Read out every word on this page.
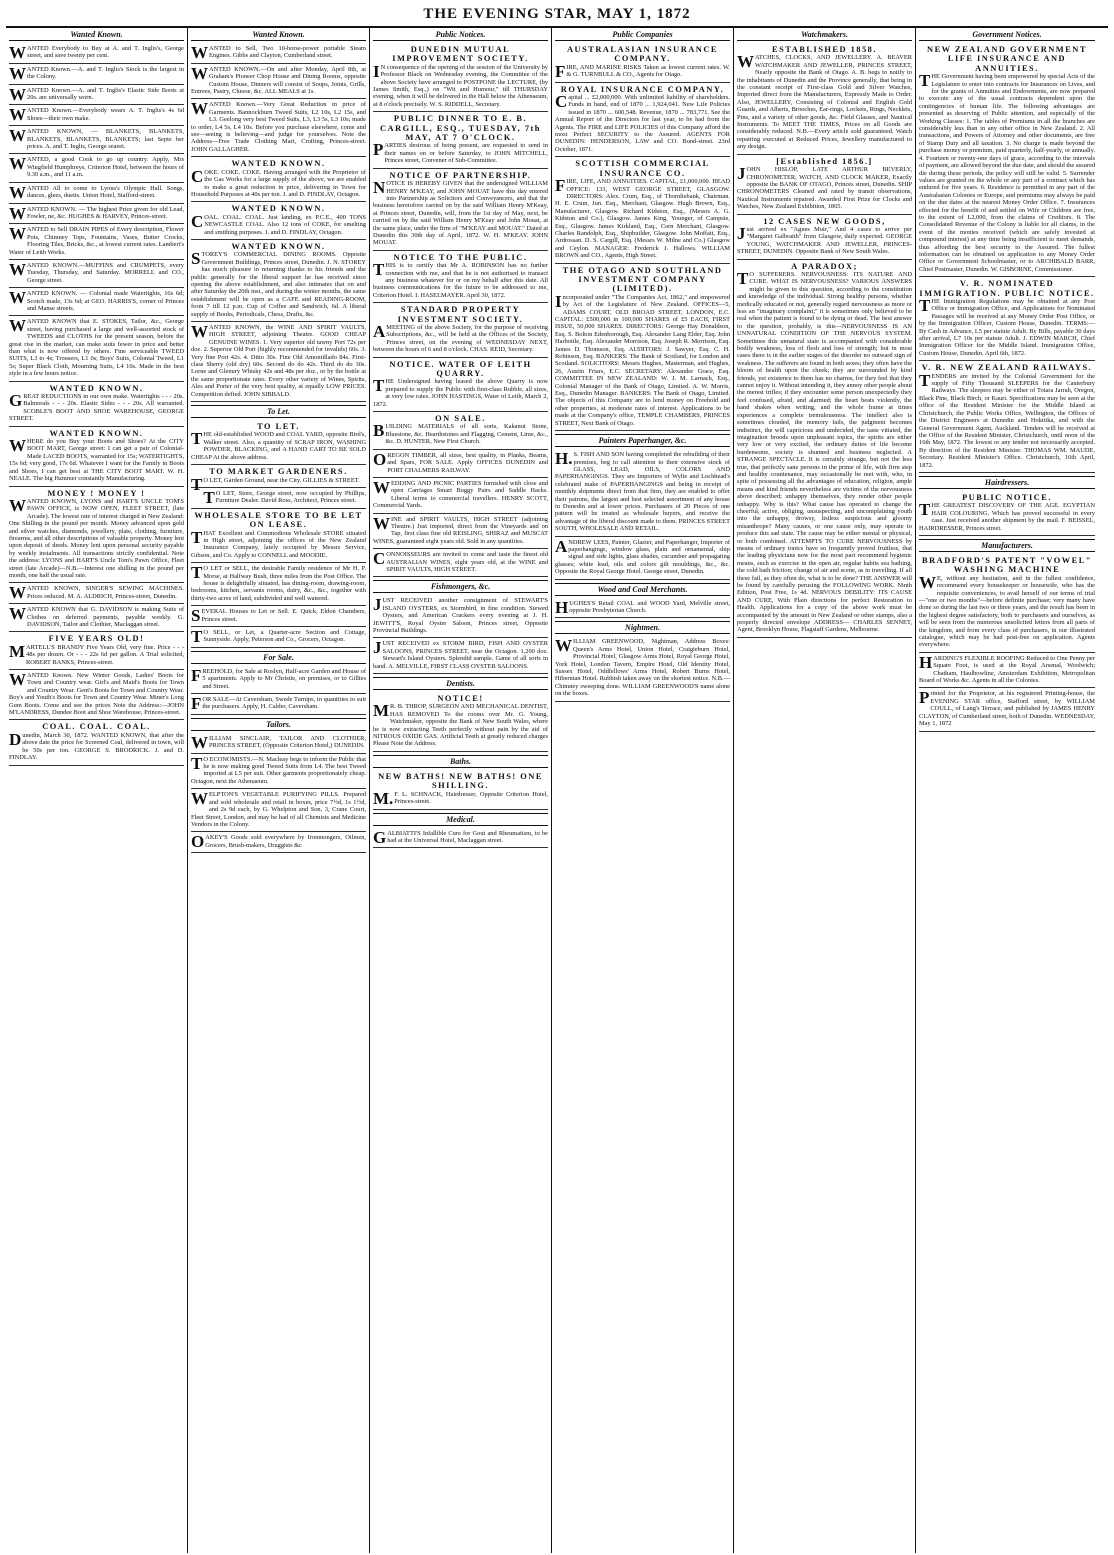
THE EVENING STAR, MAY 1, 1872
Wanted Known.
WANTED Everybody to Buy at A. and T. Inglis's, George street, and save twenty per cent.
WANTED Known.—A. and T. Inglis's Stock is the largest in the Colony.
WANTED Known.—A. and T. Inglis's Elastic Side Boots at 20s. are universally worn.
WANTED Known.—Everybody wears A. T. Inglis's 4s 6d Shoes—their own make.
WANTED KNOWN, — BLANKETS, BLANKETS, BLANKETS, BLANKETS, BLANKETS; last Septe ber prices. A. and T. Inglis, George seaeet.
WANTED, a good Cook to go up country. Apply, Mrs Wingfield Humphreys, Criterion Hotel, between the hours of 9.30 a.m., and 11 a.m.
WANTED All to come to Lyons's Olympic Hall. Songs, dances, glees, duetts. Union Hotel, Stafford-street.
WANTED KNOWN. — The highest Price given for old Lead, Fowler, ne, &c. HUGHES & HARVEY, Princes-street.
WANTED to Sell DRAIN PIPES of Every description, Flower Pots, Chimney Tops, Fountains, Vases, Butter Crocks, Flooring Tiles, Bricks, &c., at lowest current rates. Lambert's Water of Leith Works.
WANTED KNOWN.—MUFFINS and CRUMPETS, every Tuesday, Thursday, and Saturday. MORRELL and CO., George street.
WANTED KNOWN. — Colonial made Watertights, 16s 6d; Scotch made, 13s 6d; at GEO. HARRIS'S, corner of Princes and Manse streets.
WANTED KNOWN that E. STOKES, Tailor, &c., George street, having purchased a large and well-assorted stock of TWEEDS and CLOTHS for the present season, before the great rise in the market, can make suits fewer in price and better than what is now offered by others. Fine serviceable TWEED SUITS, L3 to 4s; Trousers, L1 0s; Boys' Suits, Colonial Tweed, L1 5s; Super Black Cloth, Mourning Suits, L4 10s. Made in the best style in a few hours notice.
WANTED KNOWN.
GREAT REDUCTIONS in our own make. Watertights - - - 20s. Balmorals - - - 20s. Elastic Sides - - - 20s. All warranted. SCOBLE'S BOOT AND SHOE WAREHOUSE, GEORGE STREET.
WANTED KNOWN.
WHERE do you Buy your Boots and Shoes? At the CITY BOOT MART, George street: I can get a pair of Colonial-Made LACED BOOTS, warranted for 15s; WATERTIGHTS, 15s 6d; very good, 17s 6d. Whatever I want for the Family in Boots and Shoes, I can get best at THE CITY BOOT MART. W. H. NEALE. The big Hammer constantly Manufacturing.
MONEY ! MONEY !
WANTED KNOWN, LYONS and HART'S UNCLE TOM'S PAWN OFFICE, is NOW OPEN, FLEET STREET, (late Arcade). The lowest rate of interest charged in New Zealand: One Shilling in the pound per month. Money advanced upon gold and silver watches, diamonds, jewellery, plate, clothing, furniture, firearms, and all other descriptions of valuable property. Money lent upon deposit of deeds. Money lent upon personal security payable by weekly instalments. All transactions strictly confidential. Note the address: LYONS and HART'S Uncle Tom's Pawn Office, Fleet street (late Arcade)—N.B.—Interest one shilling in the pound per month, one half the usual rate.
WANTED KNOWN, SINGER'S SEWING MACHINES. Prices reduced. M. A. ALDRICH, Princes-street, Dunedin.
WANTED KNOWN that G. DAVIDSON is making Suits of Clothes on deferred payments, payable weekly. G. DAVIDSON, Tailor and Clothier, Maclaggan street.
FIVE YEARS OLD!
MARTELL'S BRANDY Five Years Old, very fine. Price - - - 48s per dozen. Or - - - 22s 6d per gallon. A Trial solicited, ROBERT BANKS, Princes-street.
WANTED Known. New Winter Goods, Ladies' Boots for Town and Country wear. Girl's and Maid's Boots for Town and Country Wear. Gent's Boots for Town and Country Wear. Boy's and Youth's Boots for Town and Country Wear. Miner's Long Gum Boots. Come and see the prices Note the Address:—JOHN M'LANDRESS, Dundee Boot and Shoe Warehouse, Princes-street.
COAL. COAL. COAL.
Dunedin, March 30, 1872. WANTED KNOWN, that after the above date the price for Screened Coal, delivered in town, will be 50s per ton. GEORGE S. BRODRICK. J. and D. FINDLAY.
Wanted Known.
WANTED to Sell, Two 10-horse-power portable Steam Engines. Gibbs and Clayton, Cumberland street.
WANTED KNOWN.—On and after Monday, April 8th, at Graham's Pioneer Chop House and Dining Rooms, opposite Custom House, Dinners will consist of Soups, Joints, Grills, Entrees, Pastry, Cheese, &c. ALL MEALS at 1s.
WANTED Known.—Very Great Reduction in price of Garments. Bannockburn Tweed Suits, L2 10s, L2 15s, and L3. Geelong very best Tweed Suits, L3, L3 5s, L3 10s; made to order, L4 5s, L4 10s. Before you purchase elsewhere, come and see—seeing is believing—and judge for yourselves. Note the Address—Free Trade Clothing Mart, Crofting, Princes-street. JOHN GALLAGHER.
WANTED KNOWN.
COKE. COKE. COKE. Having arranged with the Proprietor of the Gas Works for a large supply of the above, we are enabled to make a great reduction in price, delivering in Town for Household Purposes at 40s per ton. J. and D. FINDLAY, Octagon.
WANTED KNOWN.
COAL. COAL. COAL. Just landing, ex P.C.E., 400 TONS NEWCASTLE COAL. Also 12 tons of COKE, for smelting and smithing purposes. J. and D. FINDLAY, Octagon.
WANTED KNOWN.
STOREY'S COMMERCIAL DINING ROOMS. Opposite Government Buildings, Princes street, Dunedin. J. N. STOREY has much pleasure in returning thanks to his friends and the public generally for the liberal support he has received since opening the above establishment, and also intimates that on and after Saturday the 20th inst., and during the winter months, the same establishment will be open as a CAFE and READING-ROOM, from 7 till 12 p.m. Cup of Coffee and Sandwich, 6d. A liberal supply of Books, Periodicals, Chess, Drafts, &c.
WANTED KNOWN, the WINE AND SPIRIT VAULTS, HIGH STREET, adjoining Theatre. GOOD CHEAP GENUINE WINES. 1. Very superior old tawny Port 72s per doz. 2. Superior Old Port (highly recommended for invalids) 60s. 3. Very fine Port 42s. 4. Ditto 30s. Fine Old Amontillado 84s. First-class Sherry (old dry) 60s. Second do do 42s. Third do do 30s. Lorne and Glenury Whisky 42s and 48s per doz., or by the bottle at the same proportionate rates. Every other variety of Wines, Spirits, Ales and Porter of the very best quality, at equally LOW PRICES. Competition defied. JOHN SIBBALD.
To Let.
TO LET.
THE old-established WOOD and COAL YARD, opposite Bird's, Walker street. Also, a quantity of SCRAP IRON, WASHING POWDER, BLACKING, and A HAND CART TO BE SOLD CHEAP At the above address.
TO MARKET GARDENERS.
TO LET, Garden Ground, near the City. GILLIES & STREET.
TO LET, Store, George street, now occupied by Phillips, Furniture Dealer. David Ross, Architect, Princes street.
WHOLESALE STORE TO BE LET ON LEASE.
THAT Excellent and Commodious Wholesale STORE situated in High street, adjoining the offices of the New Zealand Insurance Company, lately occupied by Messrs Service, Gibson, and Co. Apply to CONNELL and MOODIE.
TO LET or SELL, the desirable Family residence of Mr H. P. Morse, at Halfway Bush, three miles from the Post Office. The house is delightfully situated, has dining-room, drawing-room, bedrooms, kitchen, servants rooms, dairy, &c., &c., together with thirty-two acres of land, subdivided and well watered.
SEVERAL Houses to Let or Sell. E. Quick, Eldon Chambers, Princes street.
TO SELL, or Let, a Quarter-acre Section and Cottage, Sunnyside. Apply, Peterson and Co., Grocers, Octagon.
For Sale.
FREEHOLD, for Sale at Roslyn, Half-acre Garden and House of 5 apartments. Apply to Mr Christie, on premises, or to Gillies and Street.
FOR SALE—At Caversham, Swede Turnips, in quantities to suit the purchasers. Apply, H. Calder, Caversham.
Tailors.
WILLIAM SINCLAIR, TAILOR AND CLOTHIER, PRINCES STREET, (Opposite Criterion Hotel,) DUNEDIN.
TO ECONOMISTS.—N. Macleay begs to inform the Public that he is now making good Tweed Suits from L4. The best Tweed imported at L5 per suit. Other garments proportionately cheap. Octagon, next the Athenaeum.
WELPTON'S VEGETABLE PURIFYING PILLS. Prepared and sold wholesale and retail in boxes, price 7½d, 1s 1½d, and 2s 9d each, by G. Whelpton and Son, 3, Crane Court, Fleet Street, London, and may be had of all Chemists and Medicine Vendors in the Colony.
OAKEY'S Goods sold everywhere by Ironmongers, Oilmen, Grocers, Brush-makers, Druggists &c
Public Notices.
DUNEDIN MUTUAL IMPROVEMENT SOCIETY.
IN consequence of the opening of the session of the University by Professor Black on Wednesday evening, the Committee of the above Society have arranged to POSTPONE the LECTURE, (by James Smith, Esq.,) on "Wit and Humour," till THURSDAY evening, when it will be delivered in the Hall below the Athenaeum, at 8 o'clock precisely. W. S. RIDDELL, Secretary.
PUBLIC DINNER TO E. B. CARGILL, ESQ., TUESDAY, 7th MAY, AT 7 O'CLOCK.
PARTIES desirous of being present, are requested to send in their names on or before Saturday, to JOHN MITCHELL, Princes street, Convener of Sub-Committee.
NOTICE OF PARTNERSHIP.
NOTICE IS HEREBY GIVEN that the undersigned WILLIAM HENRY M'KEAY, and JOHN MOUAT have this day entered into Partnership as Solicitors and Conveyancers, and that the business heretofore carried on by the said William Henry M'Keay, at Princes street, Dunedin, will, from the 1st day of May, next, be carried on by the said William Henry M'Keay and John Mouat, at the same place, under the firm of "M'KEAY and MOUAT." Dated at Dunedin this 30th day of April, 1872. W. H. M'KEAY. JOHN MOUAT.
NOTICE TO THE PUBLIC.
THIS is to certify that Mr A. ROBINSON has no further connection with me, and that he is not authorised to transact any business whatever for or on my behalf after this date. All business communications for the future to be addressed to me, Criterion Hotel. I. HASELMAYER. April 30, 1872.
STANDARD PROPERTY INVESTMENT SOCIETY.
AMEETING of the above Society, for the purpose of receiving Subscriptions, &c., will be held at the Offices of the Society, Princes street, on the evening of WEDNESDAY NEXT, between the hours of 6 and 8 o'clock. CHAS. REID, Secretary.
NOTICE. WATER OF LEITH QUARRY.
THE Undersigned having leased the above Quarry is now prepared to supply the Public with first-class Rubble, all sizes, at very low rates. JOHN HASTINGS, Water of Leith, March 2, 1872.
ON SALE.
BUILDING MATERIALS of all sorts, Kakanui Stone, Bluestone, &c. Hearthstones and Flagging, Cement, Lime, &c., &c. D. HUNTER, New First Church.
OREGON TIMBER, all sizes, best quality, in Planks, Beams, and Spars, FOR SALE. Apply OFFICES DUNEDIN and PORT CHALMERS RAILWAY.
WEDDING AND PICNIC PARTIES furnished with close and open Carriages Smart Buggy Pairs and Saddle Hacks. Liberal terms to commercial travellers. HENRY SCOTT, Commercial Yards.
WINE and SPIRIT VAULTS, HIGH STREET (adjoining Theatre.) Just imported, direct from the Vineyards and on Tap, first class fine old REISLING, SHIRAZ and MUSCAT WINES, guaranteed eight years old. Sold in any quantities.
CONNOISSEURS are invited to come and taste the finest old AUSTRALIAN WINES, eight years old, at the WINE and SPIRIT VAULTS, HIGH STREET.
Fishmongers, &c.
JUST RECEIVED another consignment of STEWART'S ISLAND OYSTERS, ex Stormbird, in fine condition. Stewed Oysters, and American Crackers every evening at J. H. JEWITT'S, Royal Oyster Saloon, Princes street, Opposite Provincial Buildings.
JUST RECEIVED ex STORM BIRD, FISH AND OYSTER SALOONS, PRINCES STREET, near the Octagon. 1,200 doz. Stewart's Island Oysters. Splendid sample. Game of all sorts in hand. A. MELVILLE, FIRST CLASS OYSTER SALOONS.
Dentists.
NOTICE!
MR. B. THROP, SURGEON AND MECHANICAL DENTIST, HAS REMOVED To the rooms over Mr. G. Young, Watchmaker, opposite the Bank of New South Wales, where he is now extracting Teeth perfectly without pain by the aid of NITROUS OXIDE GAS. Artificial Teeth at greatly reduced charges Please Note the Address.
Baths.
NEW BATHS! NEW BATHS! ONE SHILLING.
M.F. L. SCHNACK, Hairdresser, Opposite Criterion Hotel, Princes-street.
Medical.
GALBIATTI'S Infallible Cure for Gout and Rheumatism, to be had at the Universal Hotel, Maclaggan street.
Public Companies
AUSTRALASIAN INSURANCE COMPANY.
FIRE, AND MARINE RISKS Taken as lowest current rates. W. & G. TURNBULL & CO., Agents for Otago.
ROYAL INSURANCE COMPANY.
Capital ... £2,000,000. With unlimited liability of shareholders. Funds in hand, end of 1870 ... 1,924,041. New Life Policies issued in 1870 ... 600,548. Revenue, 1870 ... 783,771. See the Annual Report of the Directors for last year, to be had from the Agents. The FIRE and LIFE POLICIES of this Company afford the most Perfect SECURITY to the Assured. AGENTS FOR DUNEDIN: HENDERSON, LAW and CO. Bond-street. 23rd October, 1871.
SCOTTISH COMMERCIAL INSURANCE CO.
FIRE, LIFE, AND ANNUITIES. CAPITAL, £1,000,000. HEAD OFFICE: 133, WEST GEORGE STREET, GLASGOW. DIRECTORS: Alex. Crum, Esq., of Thornliebank, Chairman. H. E. Crum, Jun. Esq., Merchant, Glasgow. Hugh Brown, Esq., Manufacturer, Glasgow. Richard Kidston, Esq., (Messrs A. G. Kidston and Co.), Glasgow. James King, Younger, of Campsie, Esq., Glasgow. James Kirkland, Esq., Corn Merchant, Glasgow. Charles Randolph, Esq., Shipbuilder, Glasgow. John Moffatt, Esq., Ardrossan. D. S. Cargill, Esq. (Messrs W. Milne and Co.) Glasgow and Ceylon. MANAGER: Frederick J. Hallows. WILLIAM BROWN and CO., Agents, High Street.
THE OTAGO AND SOUTHLAND INVESTMENT COMPANY (LIMITED).
Incorporated under "The Companies Act, 1862," and empowered by Act of the Legislature of New Zealand. OFFICES—5, ADAMS COURT, OLD BROAD STREET, LONDON, E.C. CAPITAL: £500,000 in 100,000 SHARES of £5 EACH, FIRST ISSUE, 50,000 SHARES. DIRECTORS: George Hay Donaldson, Esq. S. Bolton Edenborough, Esq. Alexander Lang Elder, Esq. John Harbottle, Esq. Alexander Morrison, Esq. Joseph R. Morrison, Esq. James D. Thomson, Esq. AUDITORS: J. Sawyer, Esq. C. H. Robinson, Esq. BANKERS: The Bank of Scotland, for London and Scotland. SOLICITORS: Messrs Hughes, Masterman, and Hughes, 26, Austin Friars, E.C. SECRETARY: Alexander Grace, Esq. COMMITTEE IN NEW ZEALAND: W. J. M. Larnach, Esq., Colonial Manager of the Bank of Otago, Limited. A. W. Morris, Esq., Dunedin Manager. BANKERS: The Bank of Otago, Limited. The objects of this Company are to lend money on Freehold and other properties, at moderate rates of interest. Applications to be made at the Company's office, TEMPLE CHAMBERS, PRINCES STREET, Next Bank of Otago.
Painters Paperhanger, &c.
H.S. FISH AND SON having completed the rebuilding of their premises, beg to call attention to their extensive stock of GLASS, LEAD, OILS, COLORS AND PAPERHANGINGS. They are Importers of Wylie and Lochhead's celebrated make of PAPERHANGINGS and being in receipt of monthly shipments direct from that firm, they are enabled to offer their patrons, the largest and best selected assortment of any house in Dunedin and at lower prices. Purchasers of 20 Pieces of one pattern will be treated as wholesale buyers, and receive the advantage of the liberal discount made to them. PRINCES STREET SOUTH, WHOLESALE AND RETAIL.
ANDREW LEES, Painter, Glazier, and Paperhanger, Importer of paperhangings, window glass, plain and ornamental, ship signal and side lights, glass shades, cucumber and propagating glasses; white lead, oils and colors gilt mouldings, &c., &c. Opposite the Royal George Hotel. George street, Dunedin.
Wood and Coal Merchants.
HUGHES'S Retail COAL and WOOD Yard, Melville street, opposite Presbyterian Church.
Nightmen.
WILLIAM GREENWOOD, Nightman, Address Boxes: Queen's Arms Hotel, Union Hotel, Craigieburn Hotel, Provincial Hotel, Glasgow Arms Hotel, Royal George Hotel, York Hotel, London Tavern, Empire Hotel, Old Identity Hotel, Sussex Hotel, Oddfellows' Arms Hotel, Robert Burns Hotel, Hibernian Hotel. Rubbish taken away on the shortest notice. N.B.—Chimney sweeping done. WILLIAM GREENWOOD'S name alone on the boxes.
Watchmakers.
ESTABLISHED 1858.
WATCHES, CLOCKS, AND JEWELLERY. A. BEAVER WATCHMAKER AND JEWELLER, PRINCES STREET, Nearly opposite the Bank of Otago. A. B. begs to notify to the inhabitants of Dunedin and the Province generally, that being in the constant receipt of First-class Gold and Silver Watches, Imported direct from the Manufacturers, Expressly Made to Order. Also, JEWELLERY, Consisting of Colonial and English Gold Guards, and Alberts, Brooches, Ear-rings, Lockets, Rings, Necklets, Pins, and a variety of other goods, &c. Field Glasses, and Nautical Instruments. To MEET THE TIMES, Prices on all Goods are considerably reduced. N.B.—Every article sold guaranteed. Watch repairing executed at Reduced Prices, Jewellery manufactured to any design.
[Established 1856.]
JOHN HISLOP, LATE ARTHUR BEVERLY, CHRONOMETER, WATCH, AND CLOCK MAKER, Exactly opposite the BANK OF OTAGO, Princes street, Dunedin. SHIP CHRONOMETERS Cleaned and rated by transit observations, Nautical Instruments repaired. Awarded First Prize for Clocks and Watches, New Zealand Exhibition, 1865.
12 CASES NEW GOODS,
Just arrived ex "Agnes Muir," And 4 cases to arrive per "Margaret Galbraith" from Glasgow, daily expected. GEORGE YOUNG, WATCHMAKER AND JEWELLER, PRINCES-STREET, DUNEDIN. Opposite Bank of New South Wales.
A PARADOX;
TO SUFFERERS. NERVOUSNESS: ITS NATURE AND CURE. WHAT IS NERVOUSNESS? VARIOUS ANSWERS might be given to this question, according to the constitution and knowledge of the individual. Strong healthy persons, whether medically educated or not, generally regard nervousness as more or less an "imaginary complaint;" it is sometimes only believed to be real when the patient is found to be dying or dead. The best answer to the question, probably, is this—NERVOUSNESS IS AN UNNATURAL CONDITION OF THE NERVOUS SYSTEM. Sometimes this unnatural state is accompanied with considerable bodily weakness, loss of flesh and loss of strength; but in most cases there is in the earlier stages of the disorder no outward sign of weakness. The sufferers are found in both sexes; they often have the bloom of health upon the cheek; they are surrounded by kind friends, yet existence to them has no charms, for they feel that they cannot enjoy it. Without intending it, they annoy other people about the merest trifles; if they encounter some person unexpectedly they feel confused, afraid, and alarmed; the heart beats violently, the hand shakes when writing, and the whole frame at times experiences a complete tremulousness. The intellect also is sometimes clouded, the memory fails, the judgment becomes indistinct, the will capricious and undecided, the taste vitiated, the imagination broods upon unpleasant topics, the spirits are either very low or very excited, the ordinary duties of life become burdensome, society is shunned and business neglected. A STRANGE SPECTACLE. It is certainly strange, but not the less true, that perfectly sane persons in the prime of life, with firm step and healthy countenance, may occasionally be met with, who, in spite of possessing all the advantages of education, religion, ample means and kind friends nevertheless are victims of the nervousness above described; unhappy themselves, they render other people unhappy. Why is this? What cause has operated to change the cheerful, active, obliging, unsuspecting, and uncomplaining youth into the unhappy, drowsy, listless suspicious and gloomy misanthrope? Many causes, or one cause only, may operate to produce this sad state. The cause may be either mental or physical, or both combined. ATTEMPTS TO CURE NERVOUSNESS by means of ordinary tonics have so frequently proved fruitless, that the leading physicians now for the most part recommend hygienic means, such as exercise in the open air, regular habits sea bathing, the cold bath friction; change of air and scene, as in travelling. If all these fail, as they often do, what is to be done? THE ANSWER will be found by carefully perusing the FOLLOWING WORK. Ninth Edition, Post Free, 1s 4d. NERVOUS DEBILITY: ITS CAUSE AND CURE, With Plain directions for perfect Restoration to Health. Applications for a copy of the above work must be accompanied by the amount in New Zealand or other stamps, also a properly directed envelope ADDRESS— CHARLES SENNET, Agent, Brooklyn House, Flagstaff Gardens, Melbourne.
Government Notices.
NEW ZEALAND GOVERNMENT LIFE INSURANCE AND ANNUITIES.
THE Government having been empowered by special Acts of the Legislature to enter into contracts for Insurances on Lives, and for the grants of Annuities and Endowments, are now prepared to execute any of the usual contracts dependent upon the contingencies of human life. The following advantages are presented as deserving of Public attention, and especially of the Working Classes: 1. The tables of Premiums in all the branches are considerably less than in any other office in New Zealand. 2. All transactions, and Powers of Attorney and other documents, are free of Stamp Duty and all taxation. 3. No charge is made beyond the purchase money or premium, paid quarterly, half-yearly, or annually. 4. Fourteen or twenty-one days of grace, according to the intervals of payment, are allowed beyond the due date, and should the assured die during these periods, the policy will still be valid. 5. Surrender values are granted on the whole or any part of a contract which has endured for five years. 6. Residence is permitted in any part of the Australasian Colonies or Europe, and premiums may always be paid on the due dates at the nearest Money Order Office. 7. Insurances effected for the benefit of and settled on Wife or Children are free, to the extent of L2,000, from the claims of Creditors. 8. The Consolidated Revenue of the Colony is liable for all claims, in the event of the monies received (which are safely invested at compound interest) at any time being insufficient to meet demands, thus affording the best security to the Assured. The fullest information can be obtained on application to any Money Order Office or Government Schoolmaster, or to ARCHIBALD BARR, Chief Postmaster, Dunedin. W. GISBORNE, Commissioner.
V. R. NOMINATED IMMIGRATION. PUBLIC NOTICE.
THE Immigration Regulations may be obtained at any Post Office or Immigration Office, and Applications for Nominated Passages will be received at any Money Order Post Office, or by the Immigration Officer, Custom House, Dunedin. TERMS:— By Cash in Advance, L5 per statute Adult. By Bills, payable 30 days after arrival, L7 10s per statute Adult. J. EDWIN MARCH, Chief Immigration Officer for the Middle Island. Immigration Office, Custom House, Dunedin. April 6th, 1872.
V. R. NEW ZEALAND RAILWAYS.
TENDERS are invited by the Colonial Government for the supply of Fifty Thousand SLEEPERS for the Canterbury Railways. The sleepers may be either of Totara Jarrah, Oregon, Black Pine, Black Birch, or Kauri. Specifications may be seen at the office of the Resident Minister for the Middle Island at Christchurch, the Public Works Office, Wellington, the Offices of the District Engineers at Dunedin and Hokitika, and with the General Government Agent, Auckland. Tenders will be received at the Office of the Resident Minister, Christchurch, until noon of the 16th May, 1872. The lowest or any tender not necessarily accepted. By direction of the Resident Minister. THOMAS WM. MAUDE, Secretary. Resident Minister's Office. Christchurch, 16th April, 1872.
Hairdressers.
PUBLIC NOTICE.
THE GREATEST DISCOVERY OF THE AGE. EGYPTIAN HAIR COLOURING. Which has proved successful in every case. Just received another shipment by the mail. F. BEISSEL, HAIRDRESSER, Princes street.
Manufacturers.
BRADFORD'S PATENT "VOWEL" WASHING MACHINE
WE, without any hesitation, and in the fullest confidence, recommend every housekeeper or housewife, who has the requisite conveniences, to avail herself of our terms of trial—"one or two months"—before definite purchase; very many have done so during the last two or three years, and the result has been in the highest degree satisfactory, both to purchasers and ourselves, as will be seen from the numerous unsolicited letters from all parts of the kingdom, and from every class of purchasers, in our illustrated catalogue, which may be had post-free on application. Agents everywhere.
HARDING'S FLEXIBLE ROOFING Reduced to One Penny per Square Foot, is used at the Royal Arsenal, Woolwich; Chatham, Haulbowline, Amsterdam Exhibition, Metropolitan Board of Works &c. Agents in all the Colonies.
Printed for the Proprietor, at his registered Printing-house, the EVENING STAR office, Stafford street, by WILLIAM COULL, of Lang's Terrace, and published by JAMES HENRY CLAYTON, of Cumberland street, both of Dunedin. WEDNESDAY, May 1, 1872
